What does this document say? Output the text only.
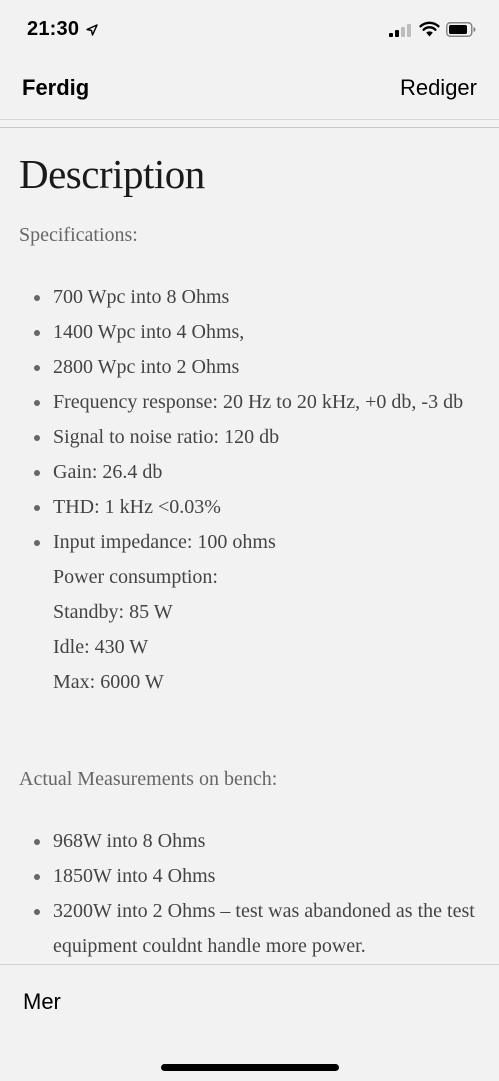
21:30
Ferdig	Rediger
Description

Specifications:

700 Wpc into 8 Ohms
1400 Wpc into 4 Ohms,
2800 Wpc into 2 Ohms
Frequency response: 20 Hz to 20 kHz, +0 db, -3 db
Signal to noise ratio: 120 db
Gain: 26.4 db
THD: 1 kHz <0.03%
Input impedance: 100 ohms
Power consumption:
Standby: 85 W
Idle: 430 W
Max: 6000 W

Actual Measurements on bench:

968W into 8 Ohms
1850W into 4 Ohms
3200W into 2 Ohms – test was abandoned as the test equipment couldnt handle more power.
Mer
